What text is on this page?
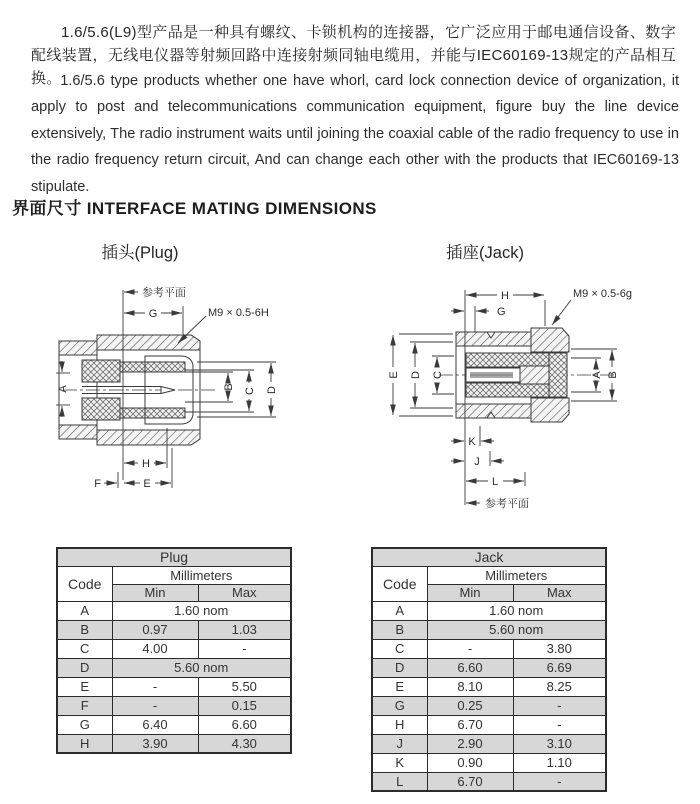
1.6/5.6(L9)型产品是一种具有螺纹、卡锁机构的连接器，它广泛应用于邮电通信设备、数字配线装置，无线电仪器等射频回路中连接射频同轴电缆用，并能与IEC60169-13规定的产品相互换。

1.6/5.6 type products whether one have whorl, card lock connection device of organization, it apply to post and telecommunications communication equipment, figure buy the line device extensively, The radio instrument waits until joining the coaxial cable of the radio frequency to use in the radio frequency return circuit, And can change each other with the products that IEC60169-13 stipulate.

界面尺寸 INTERFACE MATING DIMENSIONS
插头(Plug)	插座(Jack)
参考平面
G	M9 × 0.5-6H
A	B
C D
H
F	E
H
G
M9 × 0.5-6g
E D C	A B
K
J
L
参考平面
Plug		
Code	Millimeters	
	Min	Max
A	1.60 nom	
B	0.97	1.03
C	4.00	-
D	5.60 nom	
E	-	5.50
F	-	0.15
G	6.40	6.60
H	3.90	4.30
Jack		
Code	Millimeters	
	Min	Max
A	1.60 nom	
B	5.60 nom	
C	-	3.80
D	6.60	6.69
E	8.10	8.25
G	0.25	-
H	6.70	-
J	2.90	3.10
K	0.90	1.10
L	6.70	-
